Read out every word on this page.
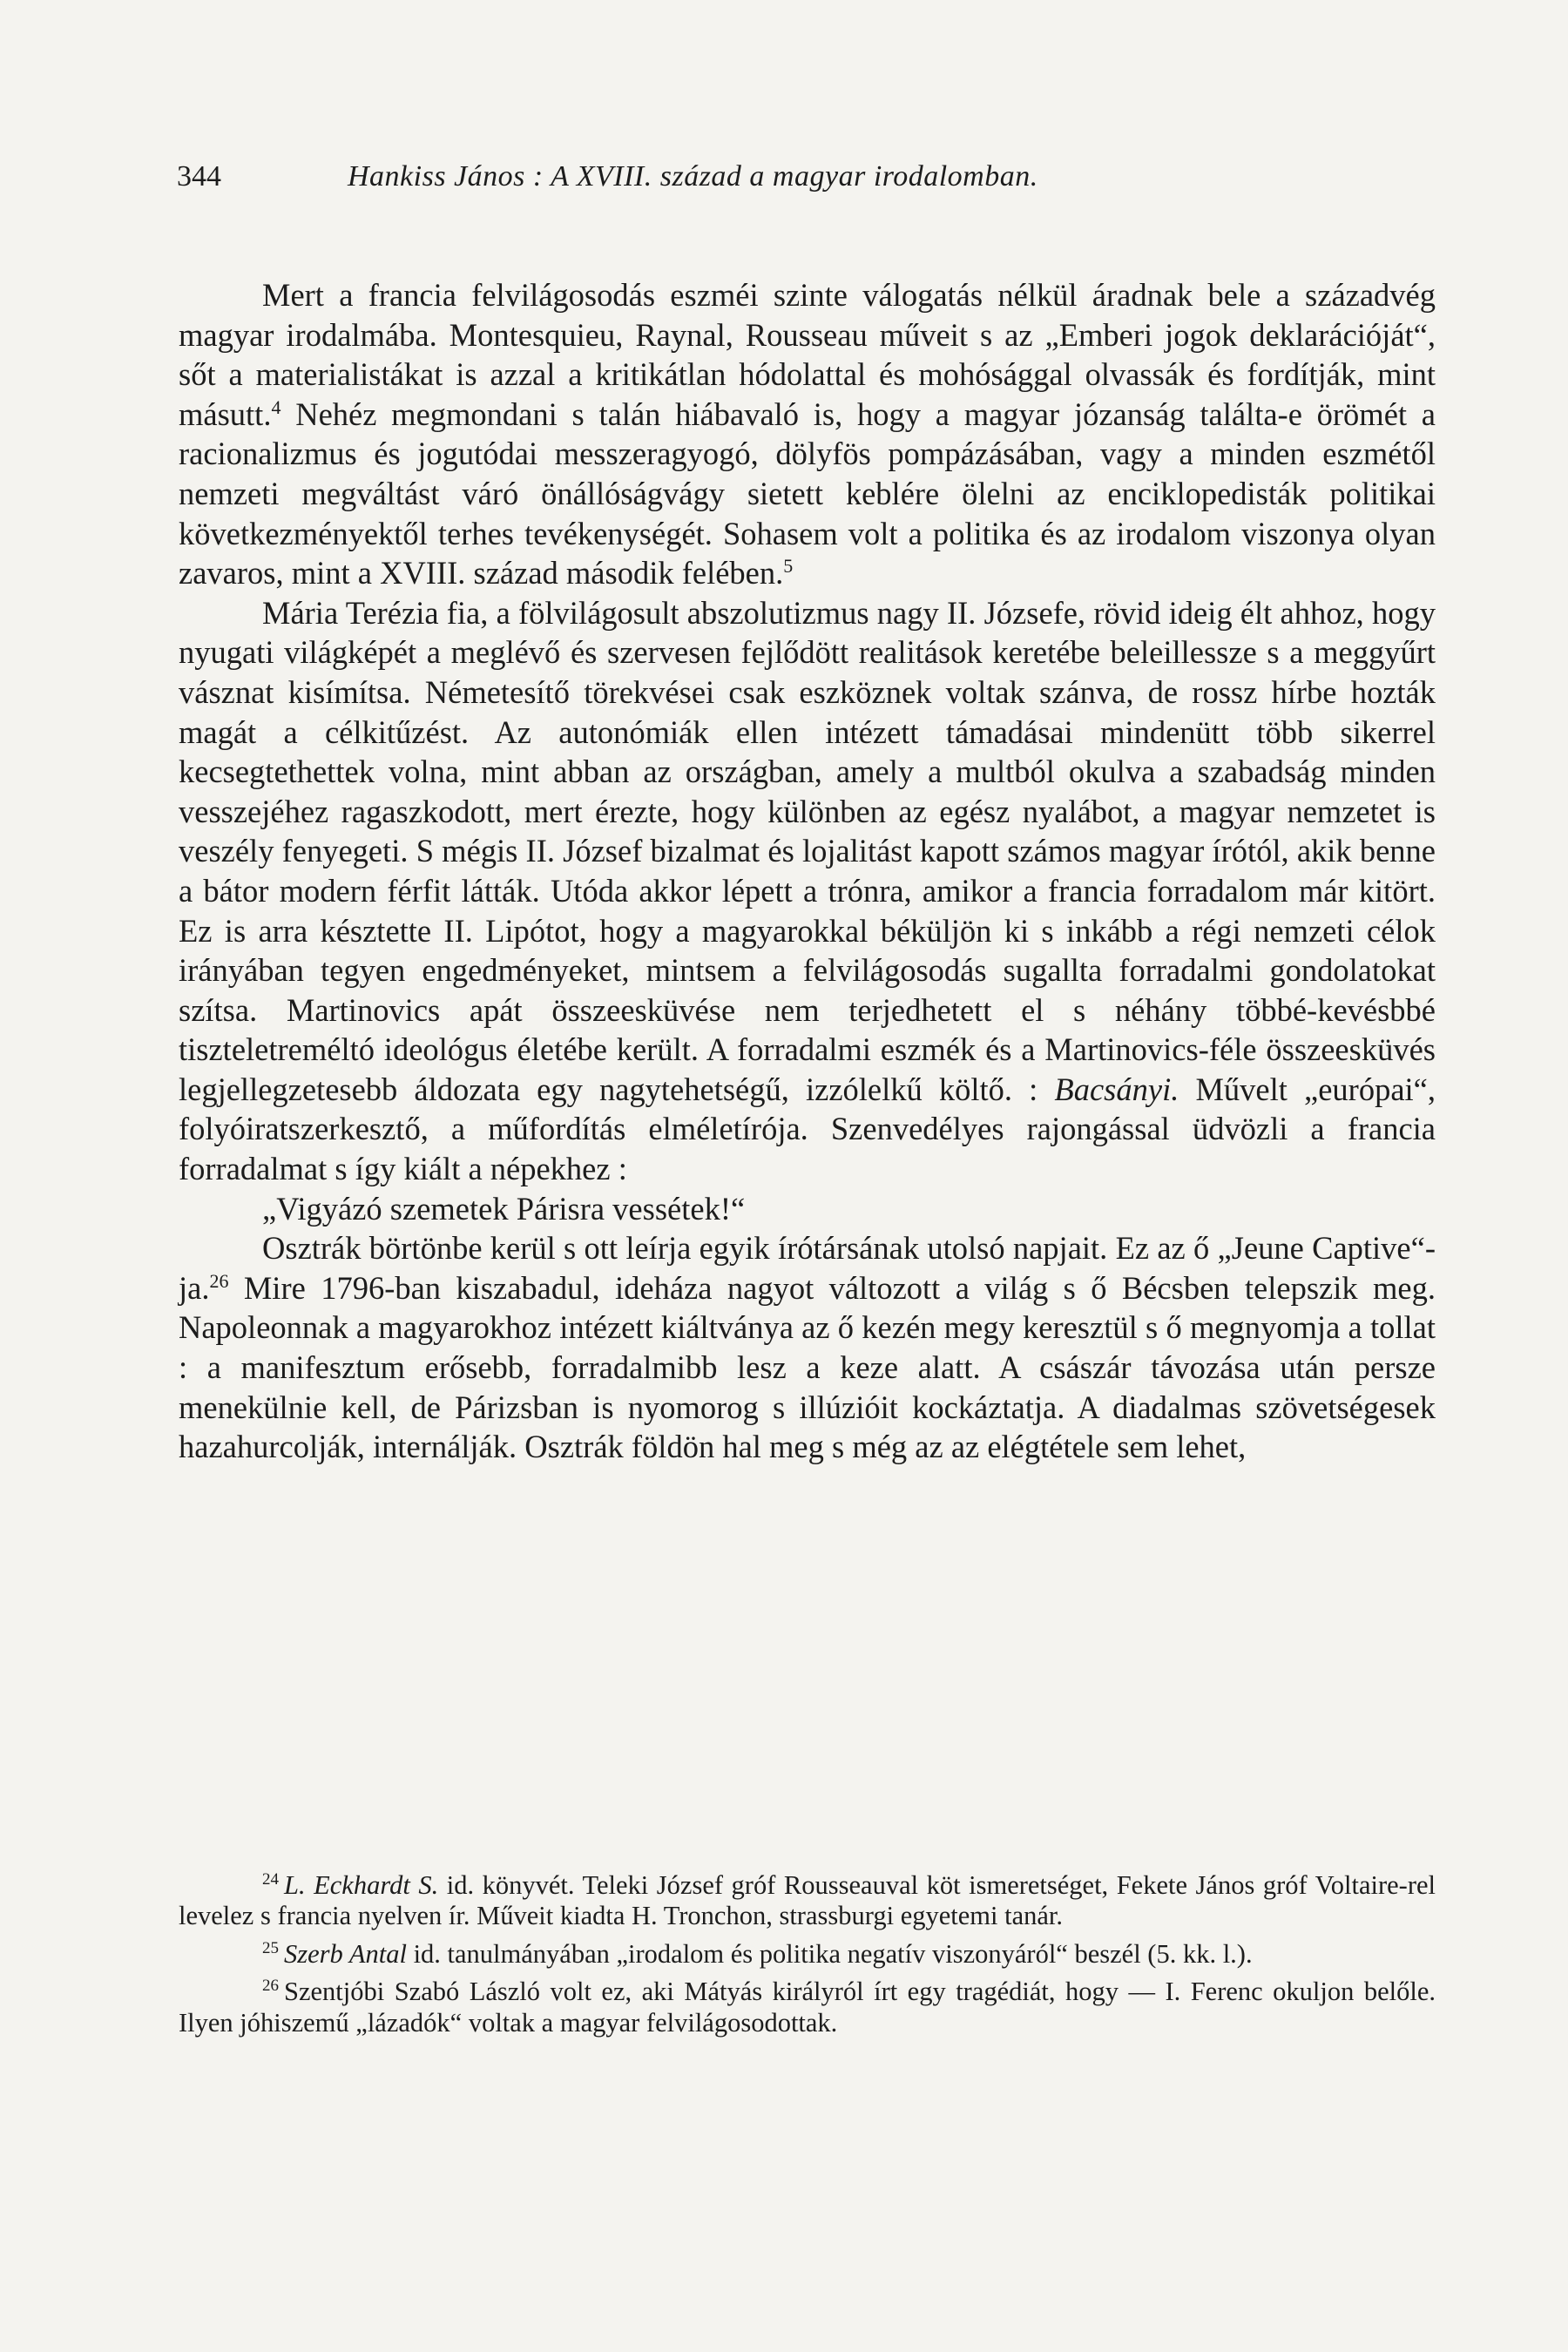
344	Hankiss János : A XVIII. század a magyar irodalomban.

Mert a francia felvilágosodás eszméi szinte válogatás nélkül áradnak bele a századvég magyar irodalmába. Montesquieu, Raynal, Rousseau műveit s az „Emberi jogok deklarációját“, sőt a materialistákat is azzal a kritikátlan hódolattal és mohósággal olvassák és fordítják, mint másutt.$^4$ Nehéz megmondani s talán hiábavaló is, hogy a magyar józanság találta-e örömét a racionalizmus és jogutódai messzeragyogó, dölyfös pompázásában, vagy a minden eszmétől nemzeti megváltást váró önállóságvágy sietett keblére ölelni az enciklopedisták politikai következményektől terhes tevékenységét. Sohasem volt a politika és az irodalom viszonya olyan zavaros, mint a XVIII. század második felében.$^5$

Mária Terézia fia, a fölvilágosult abszolutizmus nagy II. Józsefe, rövid ideig élt ahhoz, hogy nyugati világképét a meglévő és szervesen fejlődött realitások keretébe beleillessze s a meggyűrt vásznat kisímítsa. Németesítő törekvései csak eszköznek voltak szánva, de rossz hírbe hozták magát a célkitűzést. Az autonómiák ellen intézett támadásai mindenütt több sikerrel kecsegtethettek volna, mint abban az országban, amely a multból okulva a szabadság minden vesszejéhez ragaszkodott, mert érezte, hogy különben az egész nyalábot, a magyar nemzetet is veszély fenyegeti. S mégis II. József bizalmat és lojalitást kapott számos magyar írótól, akik benne a bátor modern férfit látták. Utóda akkor lépett a trónra, amikor a francia forradalom már kitört. Ez is arra késztette II. Lipótot, hogy a magyarokkal béküljön ki s inkább a régi nemzeti célok irányában tegyen engedményeket, mintsem a felvilágosodás sugallta forradalmi gondolatokat szítsa. Martinovics apát összeesküvése nem terjedhetett el s néhány többé-kevésbbé tiszteletreméltó ideológus életébe került. A forradalmi eszmék és a Martinovics-féle összeesküvés legjellegzetesebb áldozata egy nagytehetségű, izzólelkű költő. : Bacsányi. Művelt „európai“, folyóiratszerkesztő, a műfordítás elméletírója. Szenvedélyes rajongással üdvözli a francia forradalmat s így kiált a népekhez :

„Vigyázó szemetek Párisra vessétek!“

Osztrák börtönbe kerül s ott leírja egyik írótársának utolsó napjait. Ez az ő „Jeune Captive“-ja.$^{26}$ Mire 1796-ban kiszabadul, ideháza nagyot változott a világ s ő Bécsben telepszik meg. Napoleonnak a magyarokhoz intézett kiáltványa az ő kezén megy keresztül s ő megnyomja a tollat : a manifesztum erősebb, forradalmibb lesz a keze alatt. A császár távozása után persze menekülnie kell, de Párizsban is nyomorog s illúzióit kockáztatja. A diadalmas szövetségesek hazahurcolják, internálják. Osztrák földön hal meg s még az az elégtétele sem lehet,

$^{24}$ L. Eckhardt S. id. könyvét. Teleki József gróf Rousseauval köt ismeretséget, Fekete János gróf Voltaire-rel levelez s francia nyelven ír. Műveit kiadta H. Tronchon, strassburgi egyetemi tanár.

$^{25}$ Szerb Antal id. tanulmányában „irodalom és politika negatív viszonyáról“ beszél (5. kk. l.).

$^{26}$ Szentjóbi Szabó László volt ez, aki Mátyás királyról írt egy tragédiát, hogy — I. Ferenc okuljon belőle. Ilyen jóhiszemű „lázadók“ voltak a magyar felvilágosodottak.
